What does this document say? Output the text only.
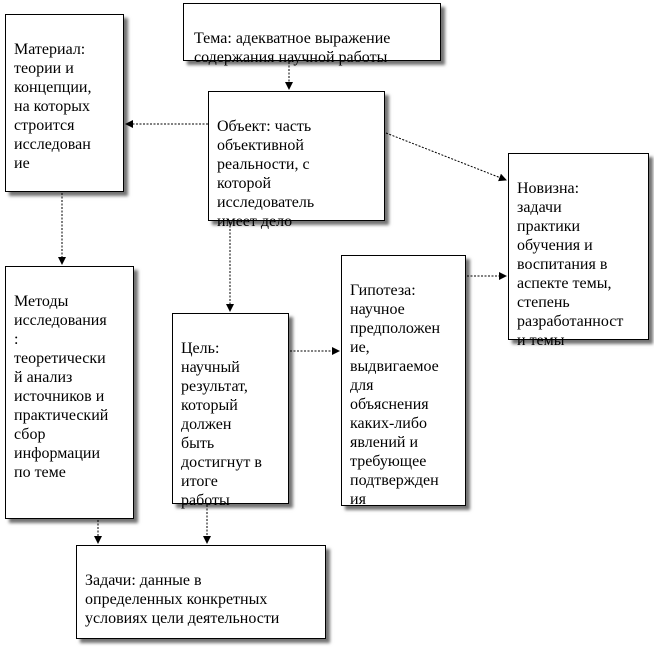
Тема: адекватное выражение
содержания научной работы

Материал:
теории и
концепции,
на которых
строится
исследован
ие

Объект: часть
объективной
реальности, с
которой
исследователь
имеет дело

Новизна:
задачи
практики
обучения и
воспитания в
аспекте темы,
степень
разработанност
и темы

Методы
исследования
:
теоретически
й анализ
источников и
практический
сбор
информации
по теме

Цель:
научный
результат,
который
должен
быть
достигнут в
итоге
работы

Гипотеза:
научное
предположен
ие,
выдвигаемое
для
объяснения
каких-либо
явлений и
требующее
подтвержден
ия

Задачи: данные в
определенных конкретных
условиях цели деятельности
